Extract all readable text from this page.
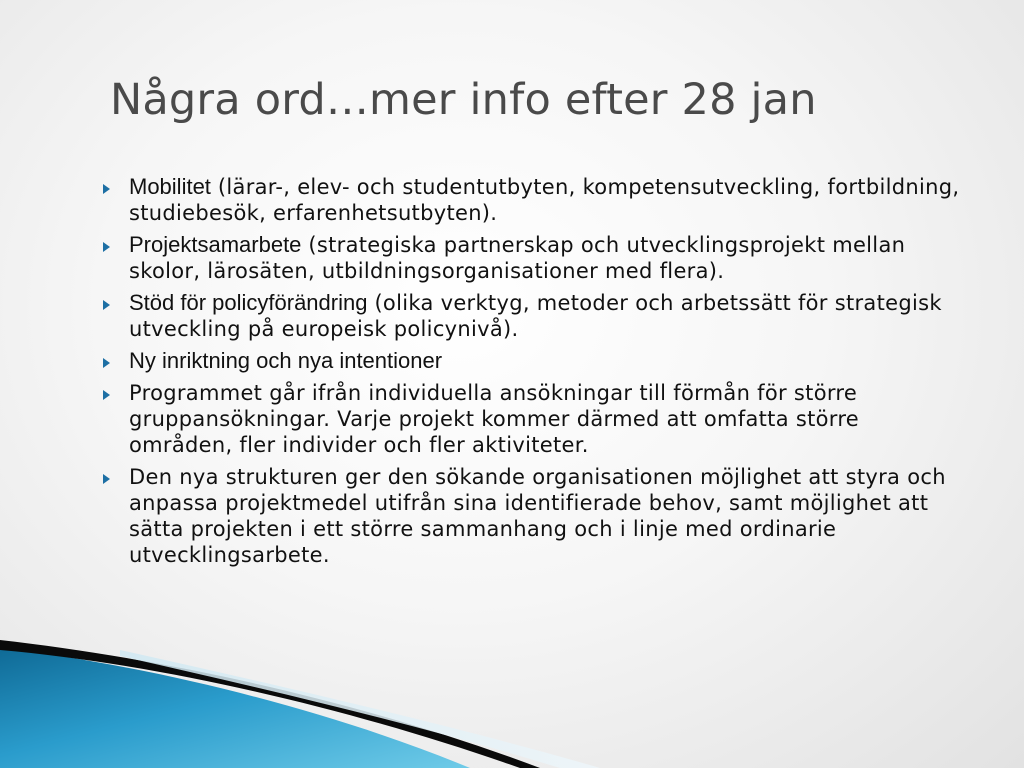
Några ord…mer info efter 28 jan
Mobilitet (lärar-, elev- och studentutbyten, kompetensutveckling, fortbildning, studiebesök, erfarenhetsutbyten).
Projektsamarbete (strategiska partnerskap och utvecklingsprojekt mellan skolor, lärosäten, utbildningsorganisationer med flera).
Stöd för policyförändring (olika verktyg, metoder och arbetssätt för strategisk utveckling på europeisk policynivå).
Ny inriktning och nya intentioner
Programmet går ifrån individuella ansökningar till förmån för större gruppansökningar. Varje projekt kommer därmed att omfatta större områden, fler individer och fler aktiviteter.
Den nya strukturen ger den sökande organisationen möjlighet att styra och anpassa projektmedel utifrån sina identifierade behov, samt möjlighet att sätta projekten i ett större sammanhang och i linje med ordinarie utvecklingsarbete.
